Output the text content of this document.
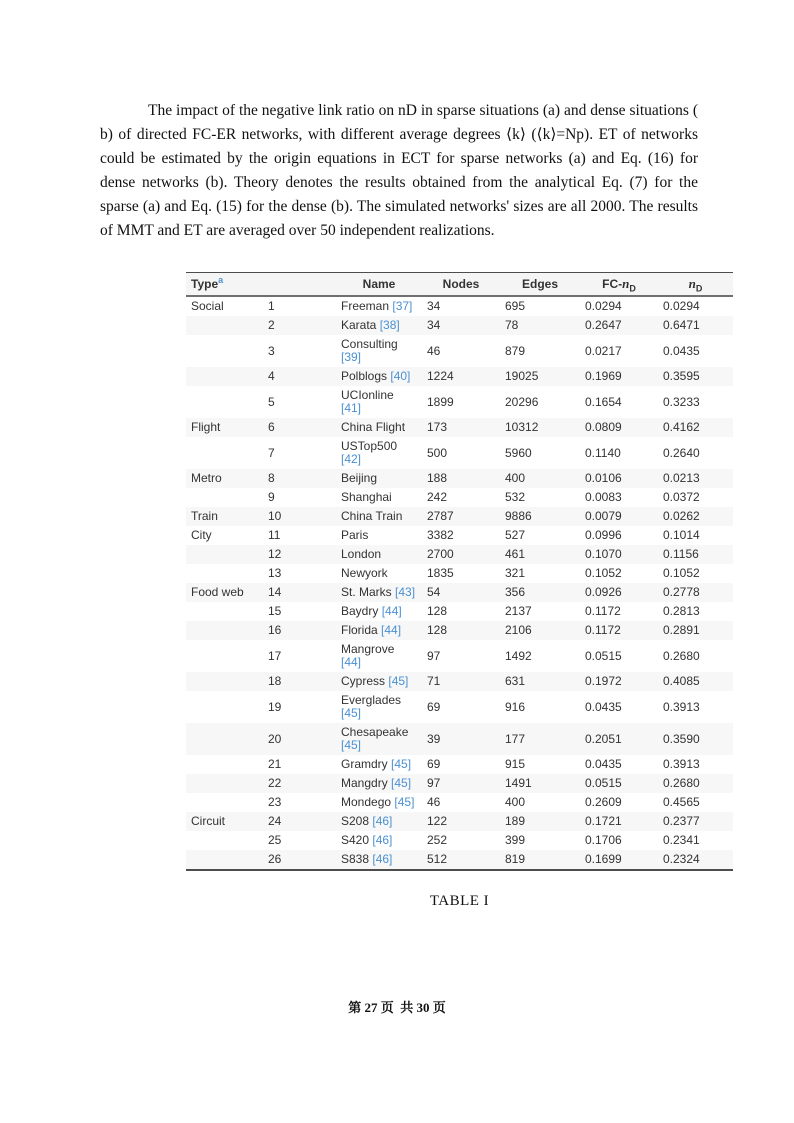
The impact of the negative link ratio on nD in sparse situations (a) and dense situations ( b) of directed FC-ER networks, with different average degrees ⟨k⟩ (⟨k⟩=Np). ET of networks could be estimated by the origin equations in ECT for sparse networks (a) and Eq. (16) for dense networks (b). Theory denotes the results obtained from the analytical Eq. (7) for the sparse (a) and Eq. (15) for the dense (b). The simulated networks' sizes are all 2000. The results of MMT and ET are averaged over 50 independent realizations.

Type$^a$		Name	Nodes	Edges	$FC-n_D$	$n_D$
Social	1	Freeman [37]	34	695	0.0294	0.0294
	2	Karata [38]	34	78	0.2647	0.6471
	3	Consulting
[39]	46	879	0.0217	0.0435
	4	Polblogs [40]	1224	19025	0.1969	0.3595
	5	UCIonline
[41]	1899	20296	0.1654	0.3233
Flight	6	China Flight	173	10312	0.0809	0.4162
	7	USTop500
[42]	500	5960	0.1140	0.2640
Metro	8	Beijing	188	400	0.0106	0.0213
	9	Shanghai	242	532	0.0083	0.0372
Train	10	China Train	2787	9886	0.0079	0.0262
City	11	Paris	3382	527	0.0996	0.1014
	12	London	2700	461	0.1070	0.1156
	13	Newyork	1835	321	0.1052	0.1052
Food web	14	St. Marks [43]	54	356	0.0926	0.2778
	15	Baydry [44]	128	2137	0.1172	0.2813
	16	Florida [44]	128	2106	0.1172	0.2891
	17	Mangrove
[44]	97	1492	0.0515	0.2680
	18	Cypress [45]	71	631	0.1972	0.4085
	19	Everglades
[45]	69	916	0.0435	0.3913
	20	Chesapeake
[45]	39	177	0.2051	0.3590
	21	Gramdry [45]	69	915	0.0435	0.3913
	22	Mangdry [45]	97	1491	0.0515	0.2680
	23	Mondego [45]	46	400	0.2609	0.4565
Circuit	24	S208 [46]	122	189	0.1721	0.2377
	25	S420 [46]	252	399	0.1706	0.2341
	26	S838 [46]	512	819	0.1699	0.2324
TABLE I
第 27 页  共 30 页
